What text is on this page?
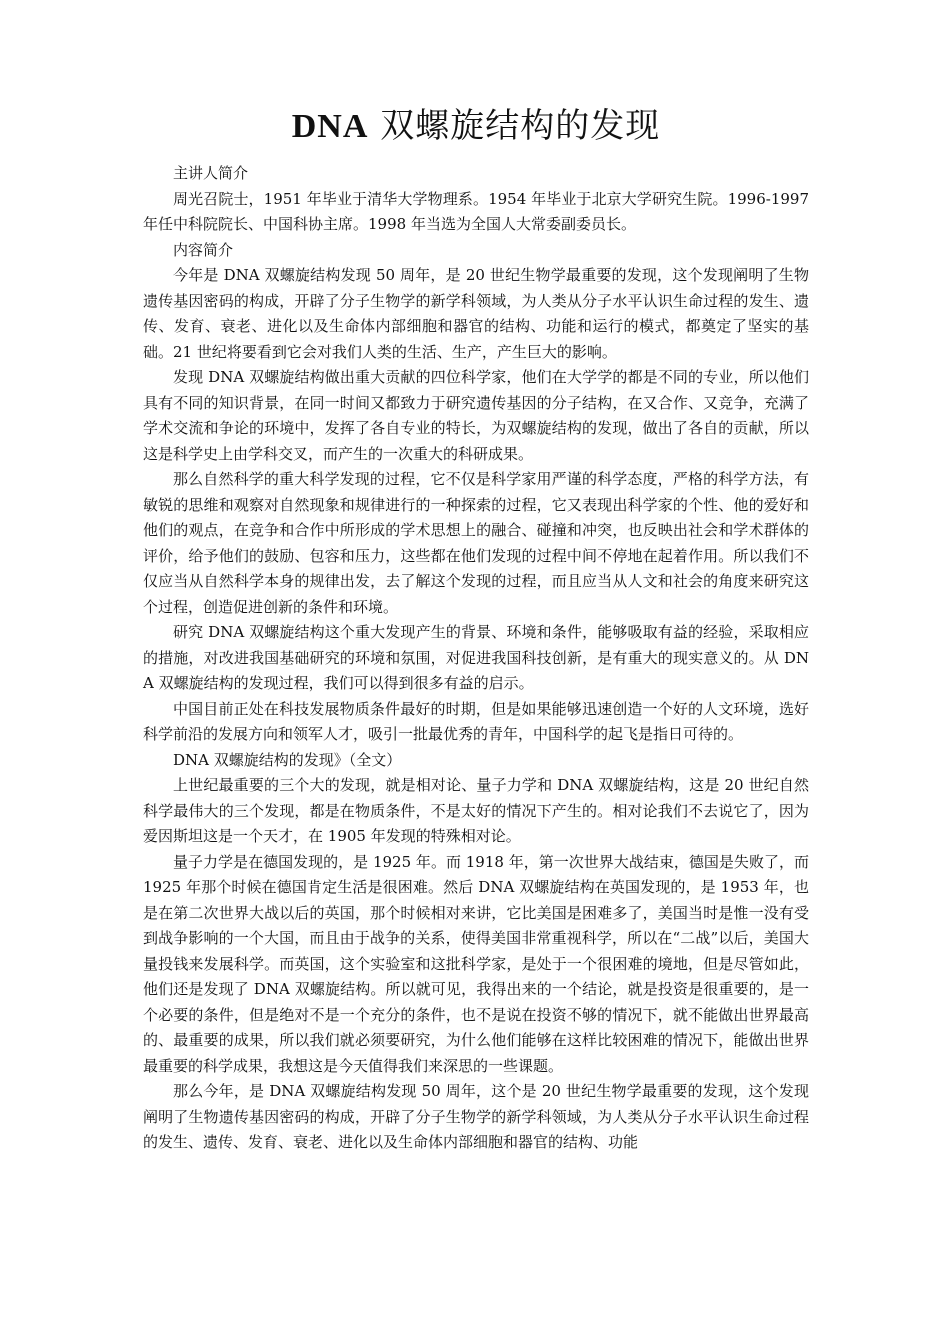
DNA 双螺旋结构的发现

主讲人简介

周光召院士，1951 年毕业于清华大学物理系。1954 年毕业于北京大学研究生院。1996-1997 年任中科院院长、中国科协主席。1998 年当选为全国人大常委副委员长。

内容简介

今年是 DNA 双螺旋结构发现 50 周年，是 20 世纪生物学最重要的发现，这个发现阐明了生物遗传基因密码的构成，开辟了分子生物学的新学科领域，为人类从分子水平认识生命过程的发生、遗传、发育、衰老、进化以及生命体内部细胞和器官的结构、功能和运行的模式，都奠定了坚实的基础。21 世纪将要看到它会对我们人类的生活、生产，产生巨大的影响。

发现 DNA 双螺旋结构做出重大贡献的四位科学家，他们在大学学的都是不同的专业，所以他们具有不同的知识背景，在同一时间又都致力于研究遗传基因的分子结构，在又合作、又竞争，充满了学术交流和争论的环境中，发挥了各自专业的特长，为双螺旋结构的发现，做出了各自的贡献，所以这是科学史上由学科交叉，而产生的一次重大的科研成果。

那么自然科学的重大科学发现的过程，它不仅是科学家用严谨的科学态度，严格的科学方法，有敏锐的思维和观察对自然现象和规律进行的一种探索的过程，它又表现出科学家的个性、他的爱好和他们的观点，在竞争和合作中所形成的学术思想上的融合、碰撞和冲突，也反映出社会和学术群体的评价，给予他们的鼓励、包容和压力，这些都在他们发现的过程中间不停地在起着作用。所以我们不仅应当从自然科学本身的规律出发，去了解这个发现的过程，而且应当从人文和社会的角度来研究这个过程，创造促进创新的条件和环境。

研究 DNA 双螺旋结构这个重大发现产生的背景、环境和条件，能够吸取有益的经验，采取相应的措施，对改进我国基础研究的环境和氛围，对促进我国科技创新，是有重大的现实意义的。从 DNA 双螺旋结构的发现过程，我们可以得到很多有益的启示。

中国目前正处在科技发展物质条件最好的时期，但是如果能够迅速创造一个好的人文环境，选好科学前沿的发展方向和领军人才，吸引一批最优秀的青年，中国科学的起飞是指日可待的。

DNA 双螺旋结构的发现》（全文）

上世纪最重要的三个大的发现，就是相对论、量子力学和 DNA 双螺旋结构，这是 20 世纪自然科学最伟大的三个发现，都是在物质条件，不是太好的情况下产生的。相对论我们不去说它了，因为爱因斯坦这是一个天才，在 1905 年发现的特殊相对论。

量子力学是在德国发现的，是 1925 年。而 1918 年，第一次世界大战结束，德国是失败了，而 1925 年那个时候在德国肯定生活是很困难。然后 DNA 双螺旋结构在英国发现的，是 1953 年，也是在第二次世界大战以后的英国，那个时候相对来讲，它比美国是困难多了，美国当时是惟一没有受到战争影响的一个大国，而且由于战争的关系，使得美国非常重视科学，所以在“二战”以后，美国大量投钱来发展科学。而英国，这个实验室和这批科学家，是处于一个很困难的境地，但是尽管如此，他们还是发现了 DNA 双螺旋结构。所以就可见，我得出来的一个结论，就是投资是很重要的，是一个必要的条件，但是绝对不是一个充分的条件，也不是说在投资不够的情况下，就不能做出世界最高的、最重要的成果，所以我们就必须要研究，为什么他们能够在这样比较困难的情况下，能做出世界最重要的科学成果，我想这是今天值得我们来深思的一些课题。

那么今年，是 DNA 双螺旋结构发现 50 周年，这个是 20 世纪生物学最重要的发现，这个发现阐明了生物遗传基因密码的构成，开辟了分子生物学的新学科领域，为人类从分子水平认识生命过程的发生、遗传、发育、衰老、进化以及生命体内部细胞和器官的结构、功能
